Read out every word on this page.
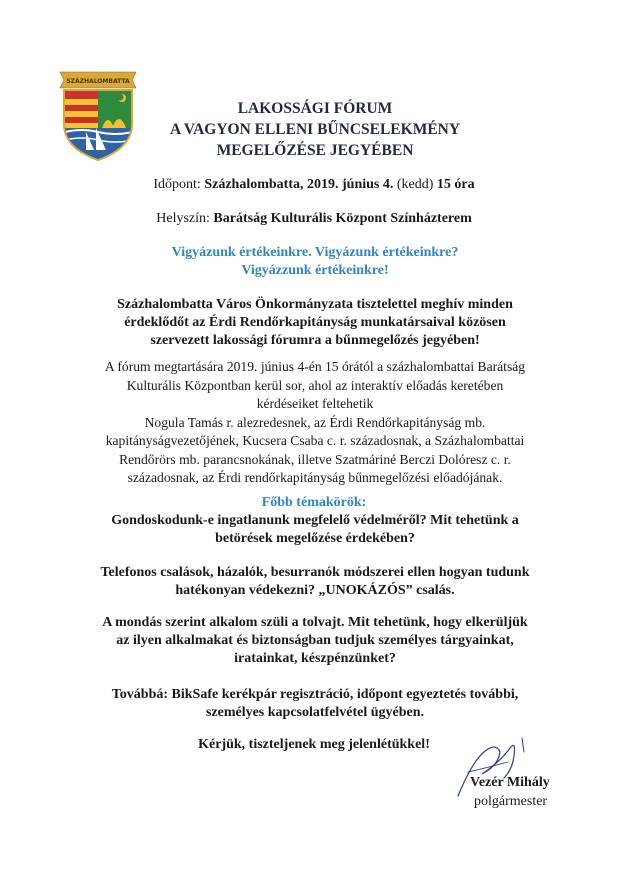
SZÁZHALOMBATTA
LAKOSSÁGI FÓRUM
A VAGYON ELLENI BŰNCSELEKMÉNY
MEGELŐZÉSE JEGYÉBEN
Időpont: Százhalombatta, 2019. június 4. (kedd) 15 óra
Helyszín: Barátság Kulturális Központ Színházterem
Vigyázunk értékeinkre. Vigyázunk értékeinkre?
Vigyázzunk értékeinkre!
Százhalombatta Város Önkormányzata tisztelettel meghív minden
érdeklődőt az Érdi Rendőrkapitányság munkatársaival közösen
szervezett lakossági fórumra a bűnmegelőzés jegyében!
A fórum megtartására 2019. június 4-én 15 órától a százhalombattai Barátság
Kulturális Központban kerül sor, ahol az interaktív előadás keretében
kérdéseiket feltehetik
Nogula Tamás r. alezredesnek, az Érdi Rendőrkapitányság mb.
kapitányságvezetőjének, Kucsera Csaba c. r. századosnak, a Százhalombattai
Rendőrörs mb. parancsnokának, illetve Szatmáriné Berczi Dolóresz c. r.
századosnak, az Érdi rendőrkapitányság bűnmegelőzési előadójának.
Főbb témakörök:
Gondoskodunk-e ingatlanunk megfelelő védelméről? Mit tehetünk a
betörések megelőzése érdekében?
Telefonos csalások, házalók, besurranók módszerei ellen hogyan tudunk
hatékonyan védekezni? „UNOKÁZÓS” csalás.
A mondás szerint alkalom szüli a tolvajt. Mit tehetünk, hogy elkerüljük
az ilyen alkalmakat és biztonságban tudjuk személyes tárgyainkat,
iratainkat, készpénzünket?
Továbbá: BikSafe kerékpár regisztráció, időpont egyeztetés további,
személyes kapcsolatfelvétel ügyében.
Kérjük, tiszteljenek meg jelenlétükkel!
Vezér Mihály
polgármester
